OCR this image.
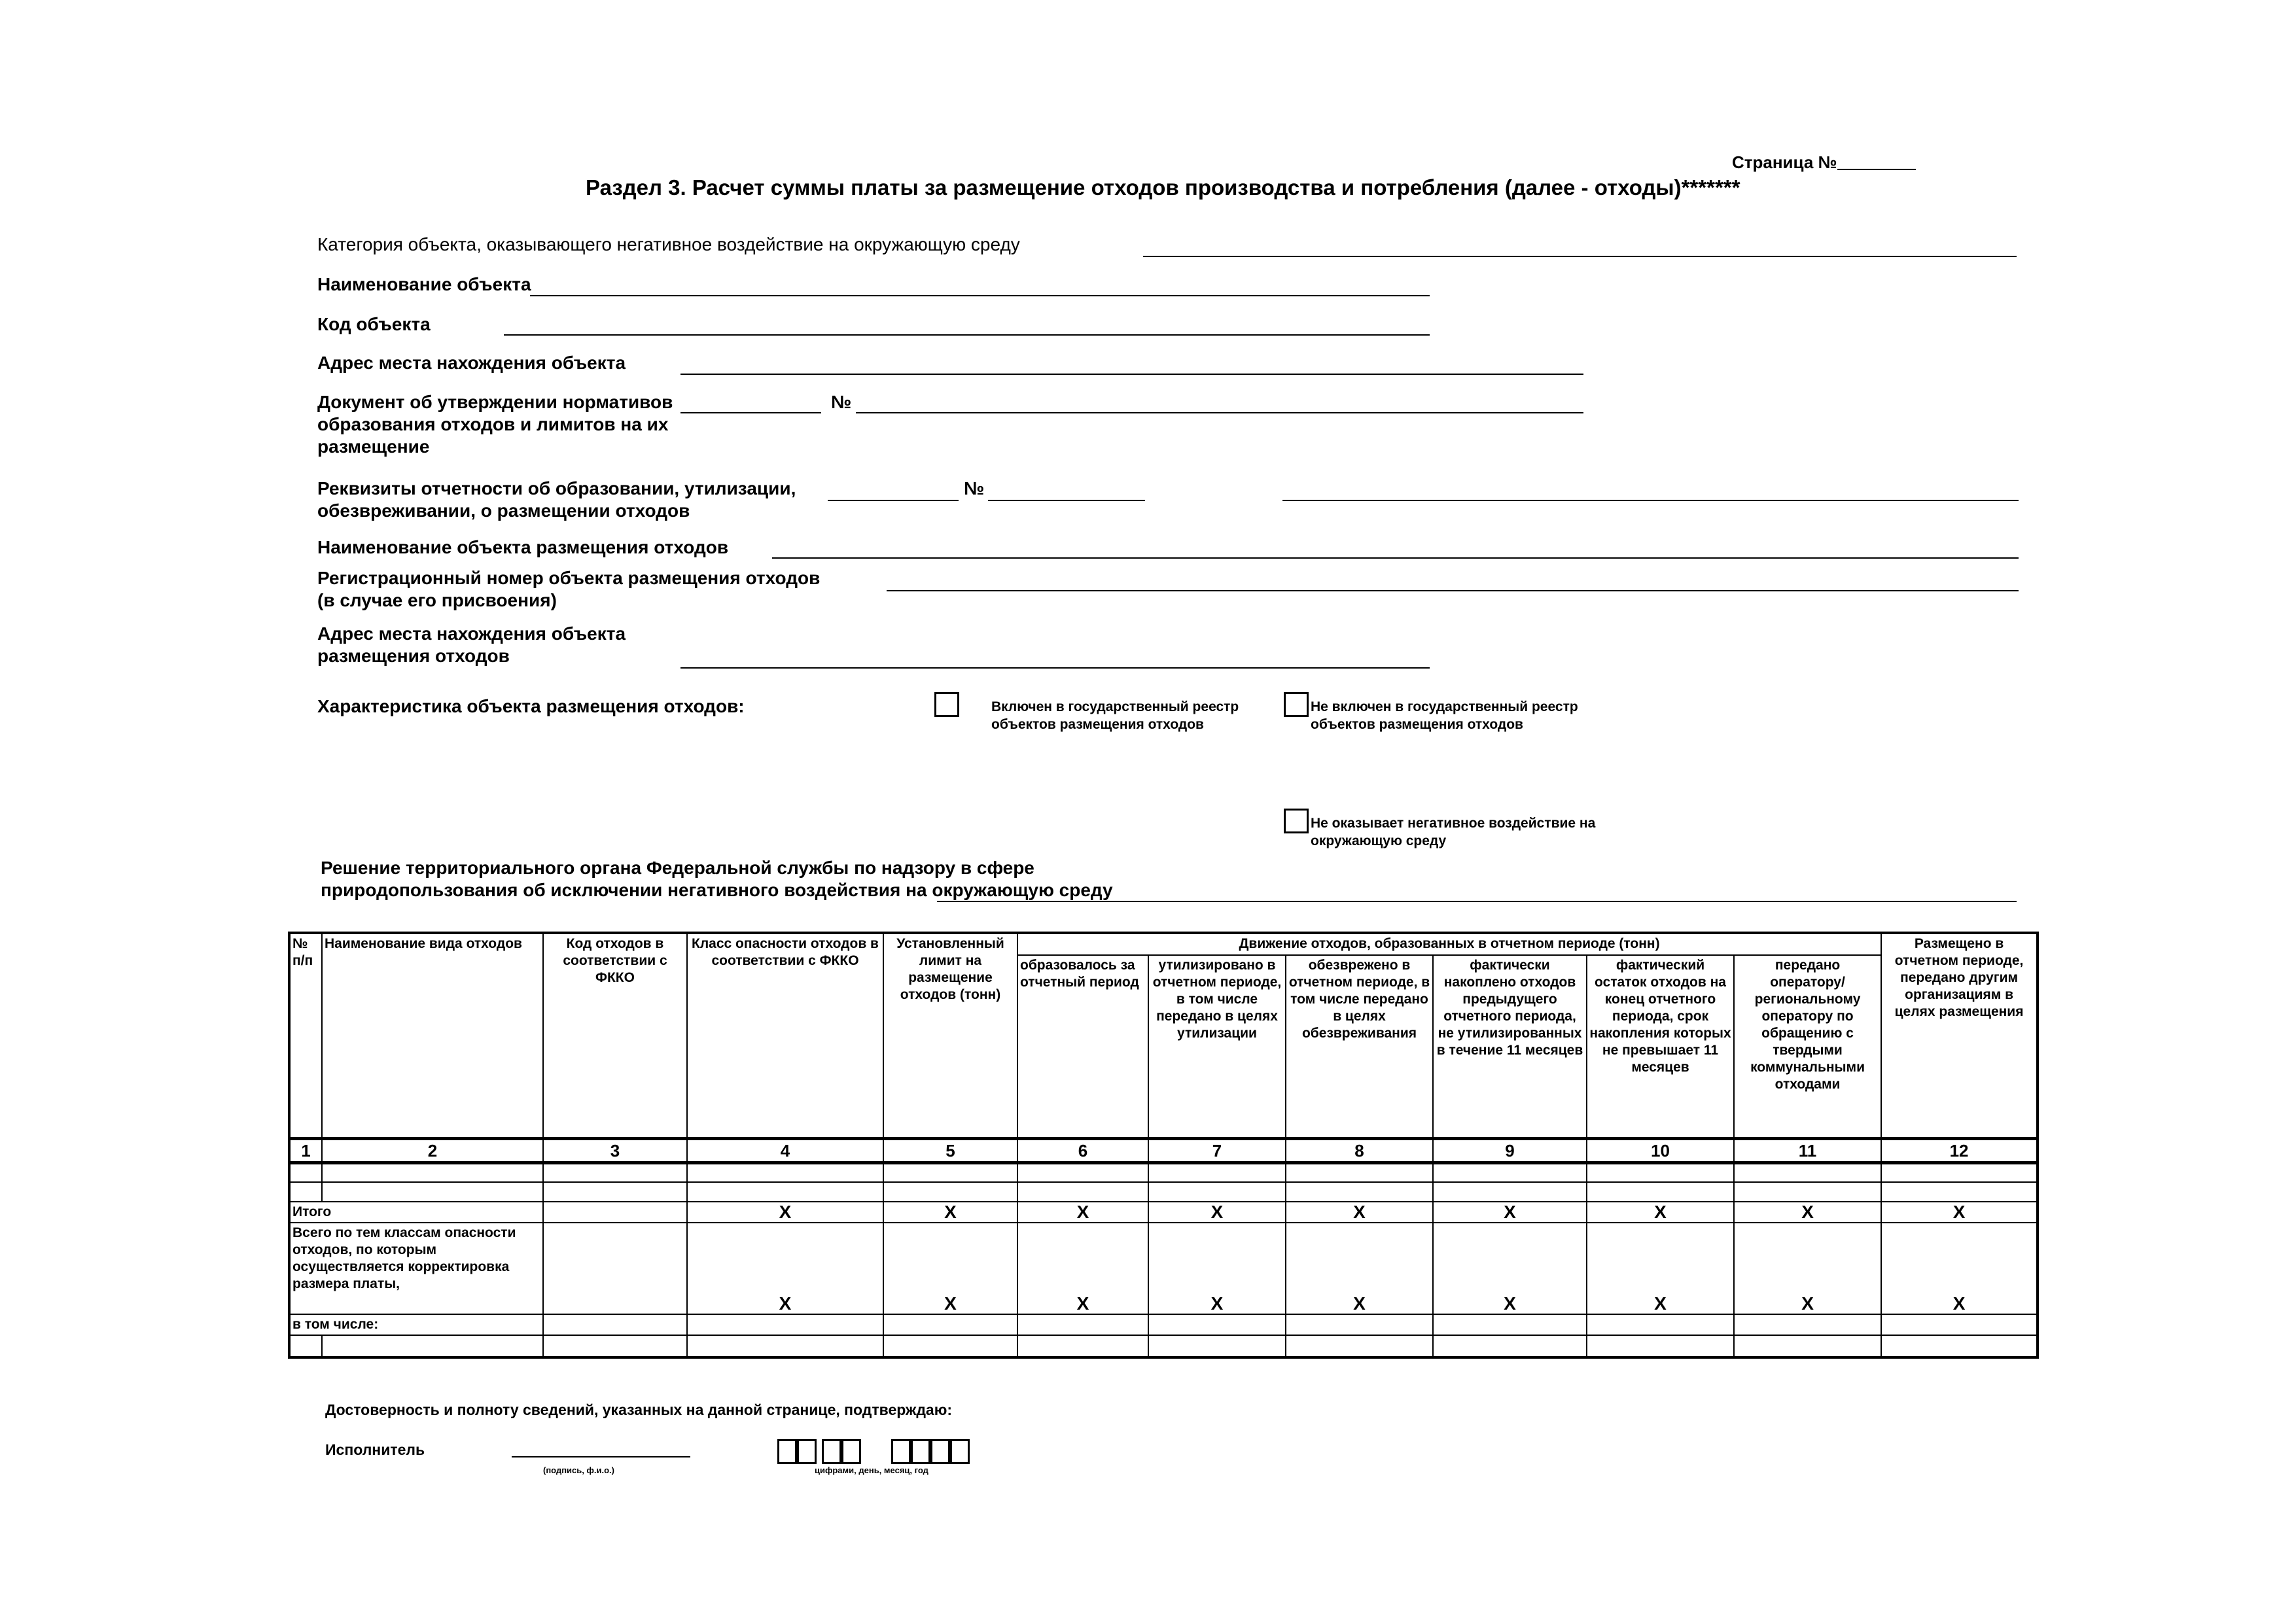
Страница №
Раздел 3. Расчет суммы платы за размещение отходов производства и потребления (далее - отходы)*******
Категория объекта, оказывающего негативное воздействие на окружающую среду
Наименование объекта
Код объекта
Адрес места нахождения объекта
Документ об утверждении нормативов образования отходов и лимитов на их размещение
№
Реквизиты отчетности об образовании, утилизации, обезвреживании, о размещении отходов
№
Наименование объекта размещения отходов
Регистрационный номер объекта размещения отходов (в случае его присвоения)
Адрес места нахождения объекта размещения отходов
Характеристика объекта размещения отходов:	Включен в государственный реестр объектов размещения отходов
Не включен в государственный реестр объектов размещения отходов
Не оказывает негативное воздействие на окружающую среду
Решение территориального органа Федеральной службы по надзору в сфере природопользования об исключении негативного воздействия на окружающую среду
№ п/п	Наименование вида отходов	Код отходов в соответствии с ФККО	Класс опасности отходов в соответствии с ФККО	Установленный лимит на размещение отходов (тонн)	Движение отходов, образованных в отчетном периоде (тонн)						Размещено в отчетном периоде, передано другим организациям в целях размещения
					образовалось за отчетный период	утилизировано в отчетном периоде, в том числе передано в целях утилизации	обезврежено в отчетном периоде, в том числе передано в целях обезвреживания	фактически накоплено отходов предыдущего отчетного периода, не утилизированных в течение 11 месяцев	фактический остаток отходов на конец отчетного периода, срок накопления которых не превышает 11 месяцев	передано оператору/региональному оператору по обращению с твердыми коммунальными отходами	
1	2	3	4	5	6	7	8	9	10	11	12

Итого			X	X	X	X	X	X	X	X	X
Всего по тем классам опасности отходов, по которым осуществляется корректировка размера платы,			X	X	X	X	X	X	X	X	X
в том числе:											

Достоверность и полноту сведений, указанных на данной странице, подтверждаю:
Исполнитель
(подпись, ф.и.о.)	цифрами, день, месяц, год
